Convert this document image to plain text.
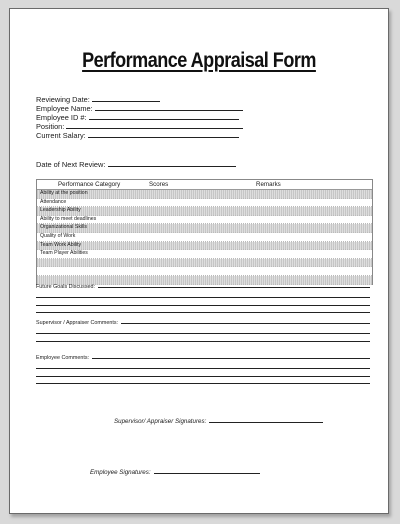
Performance Appraisal Form
Reviewing Date:
Employee Name:
Employee ID #:
Position:
Current Salary:
Date of Next Review:
Performance Category	Scores	Remarks
Ability at the position
Attendance
Leadership Ability
Ability to meet deadlines
Organizational Skills
Quality of Work
Team Work Ability
Team Player Abilities
Future Goals Discussed:
Supervisor / Appraiser Comments:
Employee Comments:
Supervisor/ Appraiser Signatures:
Employee Signatures:
